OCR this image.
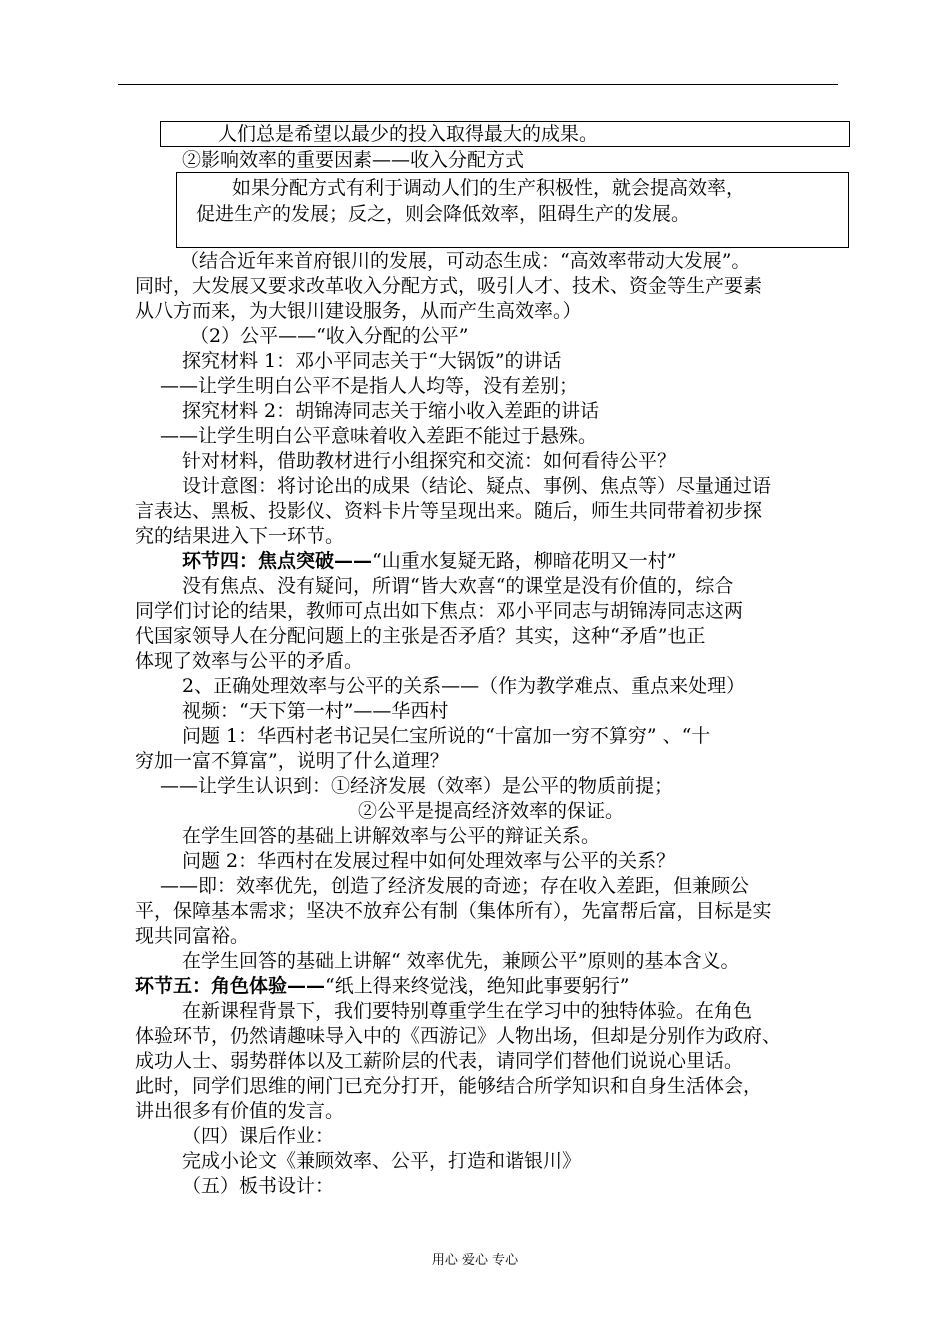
人们总是希望以最少的投入取得最大的成果。
②影响效率的重要因素——收入分配方式
如果分配方式有利于调动人们的生产积极性，就会提高效率，
促进生产的发展；反之，则会降低效率，阻碍生产的发展。
（结合近年来首府银川的发展，可动态生成：“高效率带动大发展”。
同时，大发展又要求改革收入分配方式，吸引人才、技术、资金等生产要素
从八方而来，为大银川建设服务，从而产生高效率。）
（2）公平——“收入分配的公平”
探究材料 1：邓小平同志关于“大锅饭”的讲话
——让学生明白公平不是指人人均等，没有差别；
探究材料 2：胡锦涛同志关于缩小收入差距的讲话
——让学生明白公平意味着收入差距不能过于悬殊。
针对材料，借助教材进行小组探究和交流：如何看待公平？
设计意图：将讨论出的成果（结论、疑点、事例、焦点等）尽量通过语
言表达、黑板、投影仪、资料卡片等呈现出来。随后，师生共同带着初步探
究的结果进入下一环节。
环节四：焦点突破——“山重水复疑无路，柳暗花明又一村”
没有焦点、没有疑问，所谓“皆大欢喜“的课堂是没有价值的，综合
同学们讨论的结果，教师可点出如下焦点：邓小平同志与胡锦涛同志这两
代国家领导人在分配问题上的主张是否矛盾？其实，这种“矛盾”也正
体现了效率与公平的矛盾。
2、正确处理效率与公平的关系——（作为教学难点、重点来处理）
视频：“天下第一村”——华西村
问题 1：华西村老书记吴仁宝所说的“十富加一穷不算穷” 、“十
穷加一富不算富”，说明了什么道理？
——让学生认识到：①经济发展（效率）是公平的物质前提；
②公平是提高经济效率的保证。
在学生回答的基础上讲解效率与公平的辩证关系。
问题 2：华西村在发展过程中如何处理效率与公平的关系？
——即：效率优先，创造了经济发展的奇迹；存在收入差距，但兼顾公
平，保障基本需求；坚决不放弃公有制（集体所有），先富帮后富，目标是实
现共同富裕。
在学生回答的基础上讲解“ 效率优先，兼顾公平”原则的基本含义。
环节五：角色体验——“纸上得来终觉浅，绝知此事要躬行”
在新课程背景下，我们要特别尊重学生在学习中的独特体验。在角色
体验环节，仍然请趣味导入中的《西游记》人物出场，但却是分别作为政府、
成功人士、弱势群体以及工薪阶层的代表，请同学们替他们说说心里话。
此时，同学们思维的闸门已充分打开，能够结合所学知识和自身生活体会，
讲出很多有价值的发言。
（四）课后作业：
完成小论文《兼顾效率、公平，打造和谐银川》
（五）板书设计：
用心 爱心 专心
